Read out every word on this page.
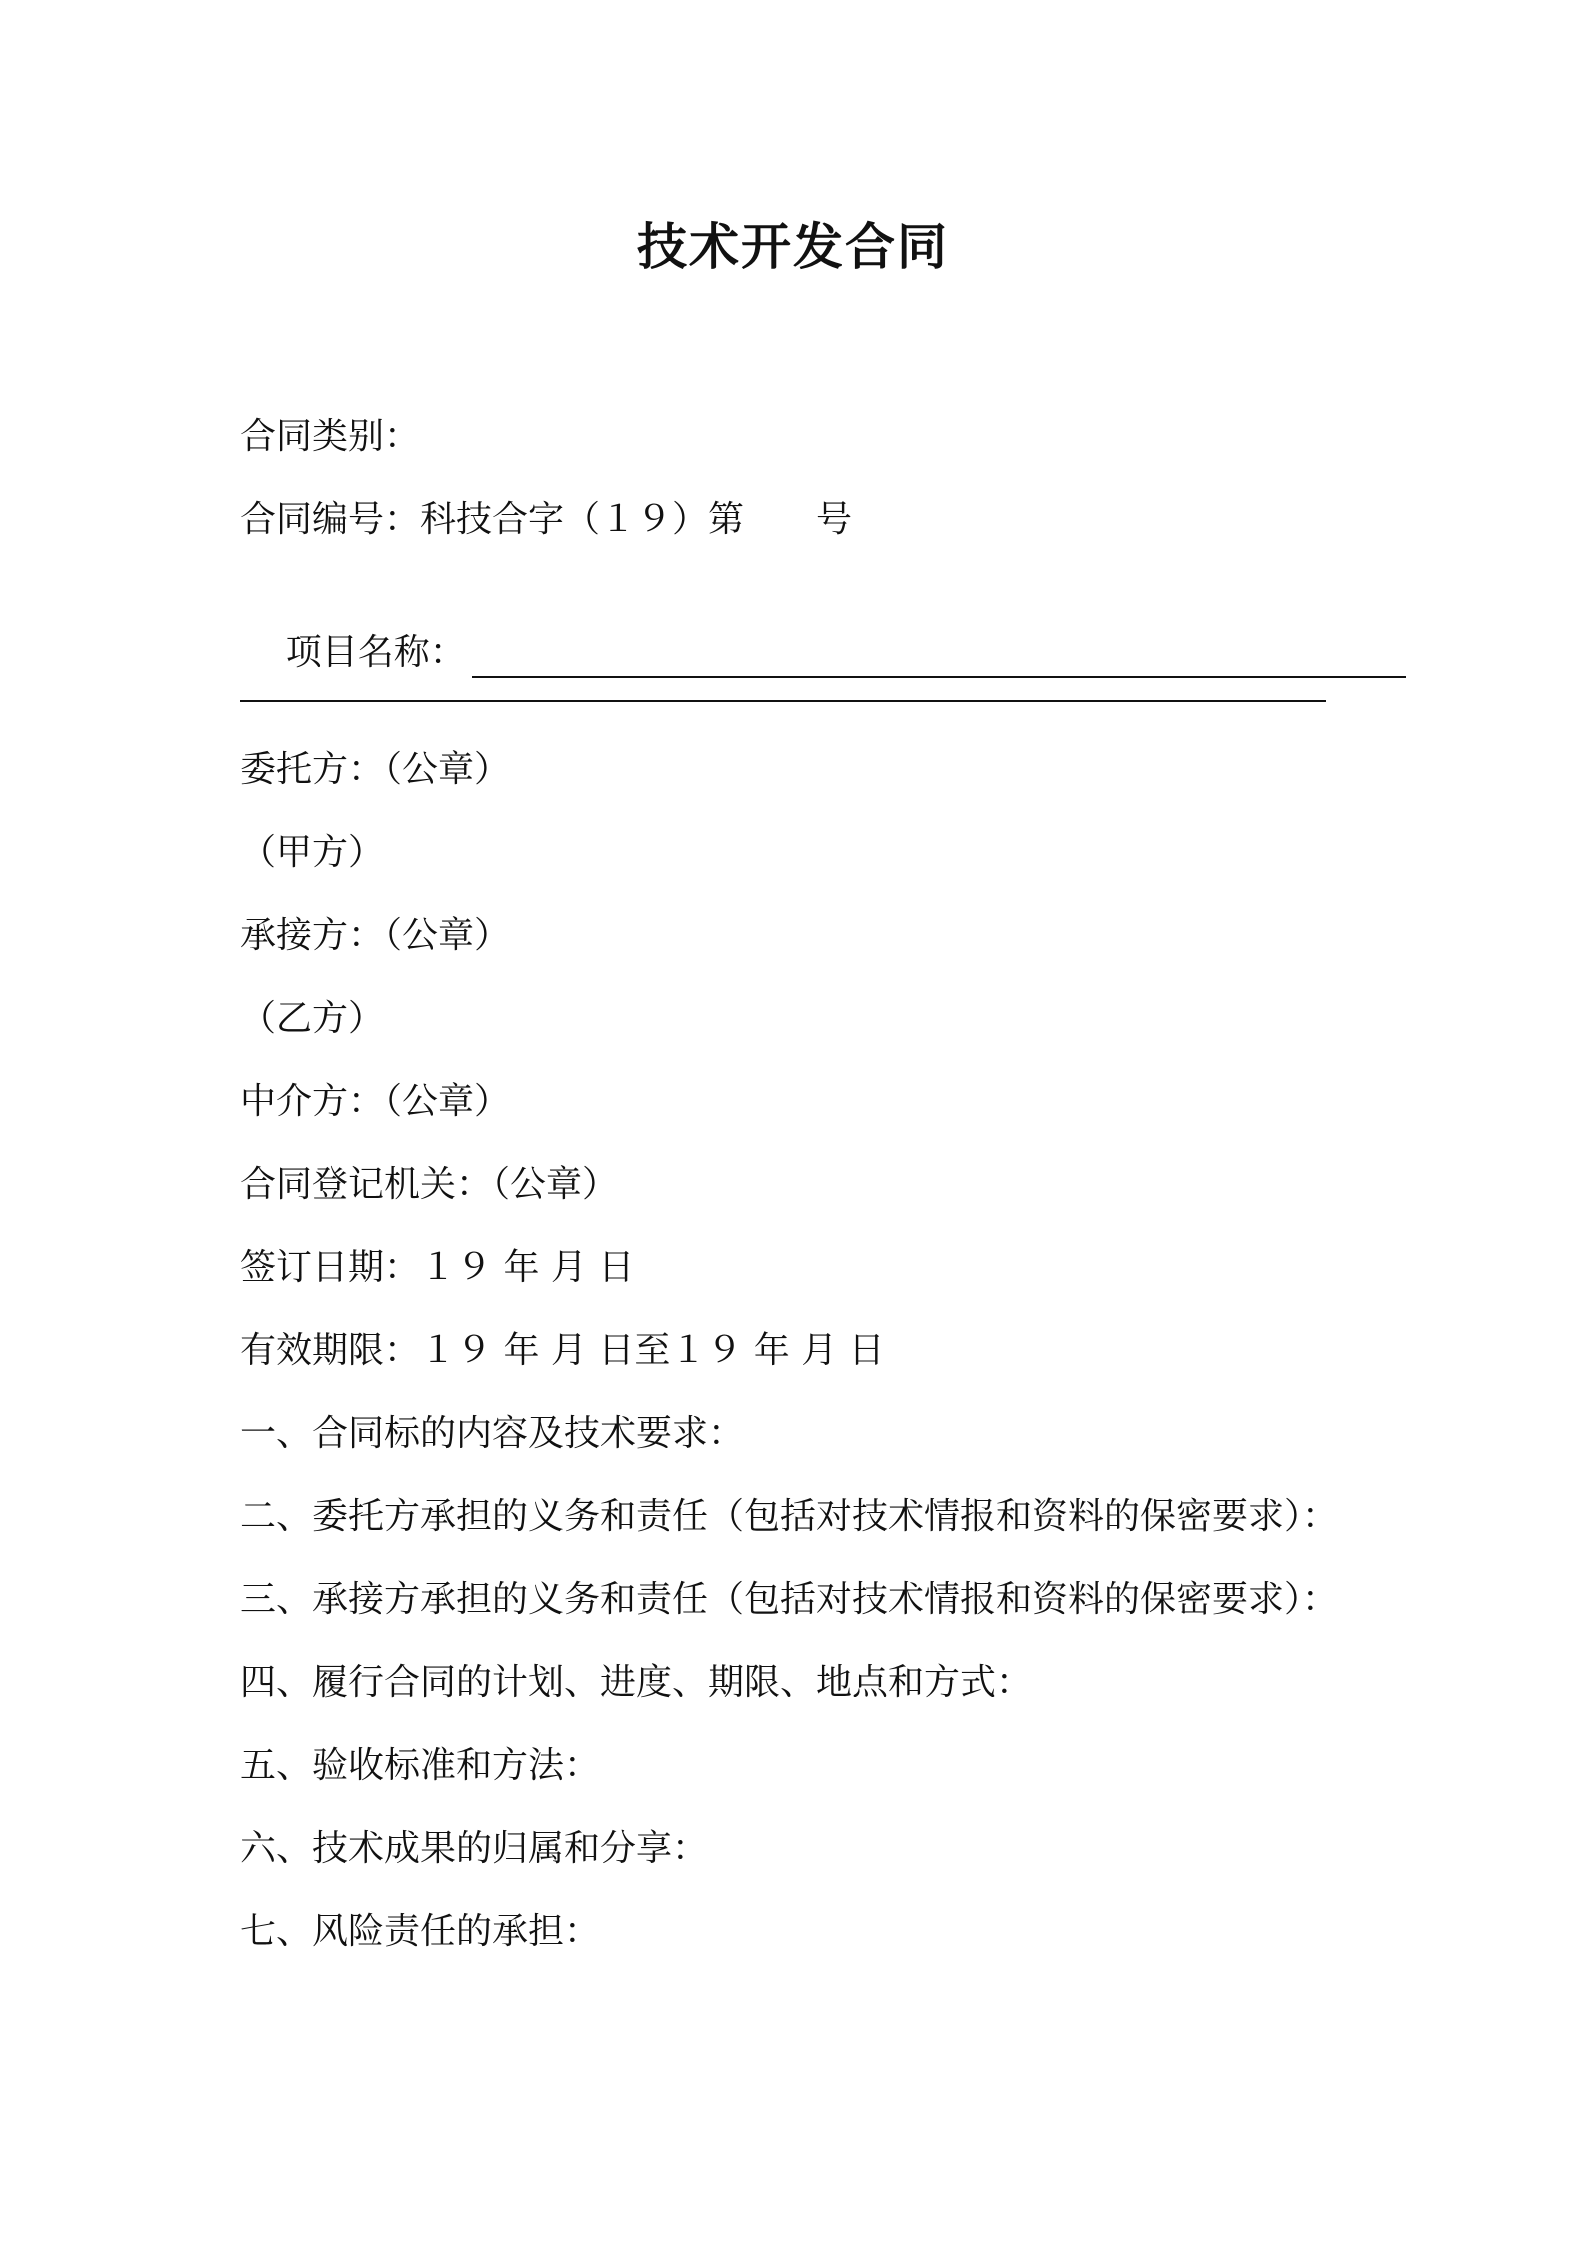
技术开发合同
合同类别：
合同编号：科技合字（１９）第　　号

项目名称：

委托方：（公章）
（甲方）
承接方：（公章）
（乙方）
中介方：（公章）
合同登记机关：（公章）
签订日期：１９ 年 月 日
有效期限：１９ 年 月 日至１９ 年 月 日
一、合同标的内容及技术要求：
二、委托方承担的义务和责任（包括对技术情报和资料的保密要求）：
三、承接方承担的义务和责任（包括对技术情报和资料的保密要求）：
四、履行合同的计划、进度、期限、地点和方式：
五、验收标准和方法：
六、技术成果的归属和分享：
七、风险责任的承担：
